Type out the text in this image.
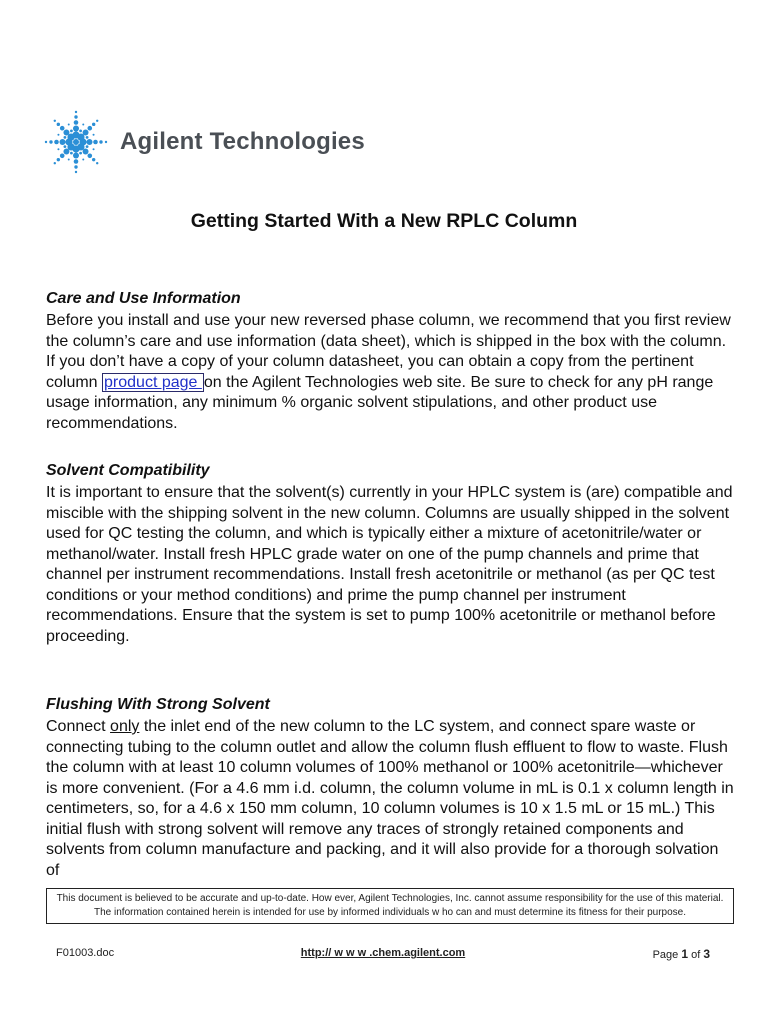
Agilent Technologies
Getting Started With a New RPLC Column
Care and Use Information

Before you install and use your new reversed phase column, we recommend that you first review the column’s care and use information (data sheet), which is shipped in the box with the column. If you don’t have a copy of your column datasheet, you can obtain a copy from the pertinent column product page on the Agilent Technologies web site. Be sure to check for any pH range usage information, any minimum % organic solvent stipulations, and other product use recommendations.

Solvent Compatibility

It is important to ensure that the solvent(s) currently in your HPLC system is (are) compatible and miscible with the shipping solvent in the new column. Columns are usually shipped in the solvent used for QC testing the column, and which is typically either a mixture of acetonitrile/water or methanol/water. Install fresh HPLC grade water on one of the pump channels and prime that channel per instrument recommendations. Install fresh acetonitrile or methanol (as per QC test conditions or your method conditions) and prime the pump channel per instrument recommendations. Ensure that the system is set to pump 100% acetonitrile or methanol before proceeding.

Flushing With Strong Solvent

Connect only the inlet end of the new column to the LC system, and connect spare waste or connecting tubing to the column outlet and allow the column flush effluent to flow to waste. Flush the column with at least 10 column volumes of 100% methanol or 100% acetonitrile—whichever is more convenient. (For a 4.6 mm i.d. column, the column volume in mL is 0.1 x column length in centimeters, so, for a 4.6 x 150 mm column, 10 column volumes is 10 x 1.5 mL or 15 mL.) This initial flush with strong solvent will remove any traces of strongly retained components and solvents from column manufacture and packing, and it will also provide for a thorough solvation of

This document is believed to be accurate and up-to-date. How ever, Agilent Technologies, Inc. cannot assume responsibility for the use of this material.
The information contained herein is intended for use by informed individuals w ho can and must determine its fitness for their purpose.
F01003.doc	http:// w w w .chem.agilent.com	Page 1 of 3
